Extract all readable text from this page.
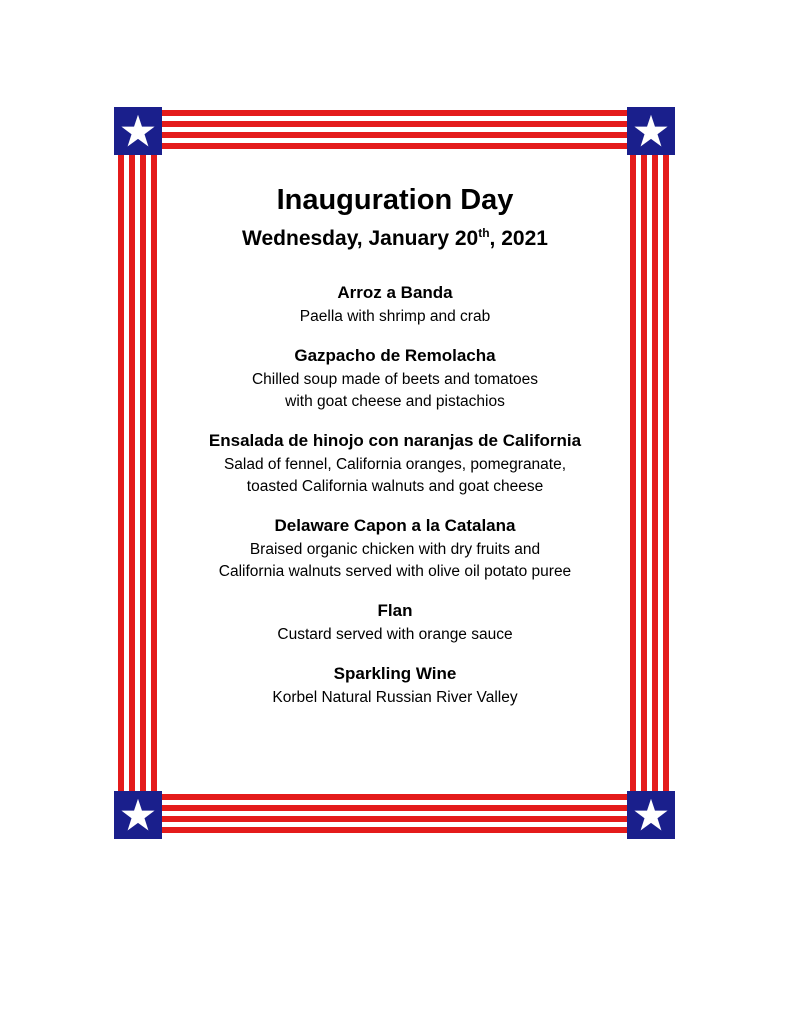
Inauguration Day

Wednesday, January 20th, 2021

Arroz a Banda

Paella with shrimp and crab

Gazpacho de Remolacha

Chilled soup made of beets and tomatoes
with goat cheese and pistachios

Ensalada de hinojo con naranjas de California

Salad of fennel, California oranges, pomegranate,
toasted California walnuts and goat cheese

Delaware Capon a la Catalana

Braised organic chicken with dry fruits and
California walnuts served with olive oil potato puree

Flan

Custard served with orange sauce

Sparkling Wine

Korbel Natural Russian River Valley
